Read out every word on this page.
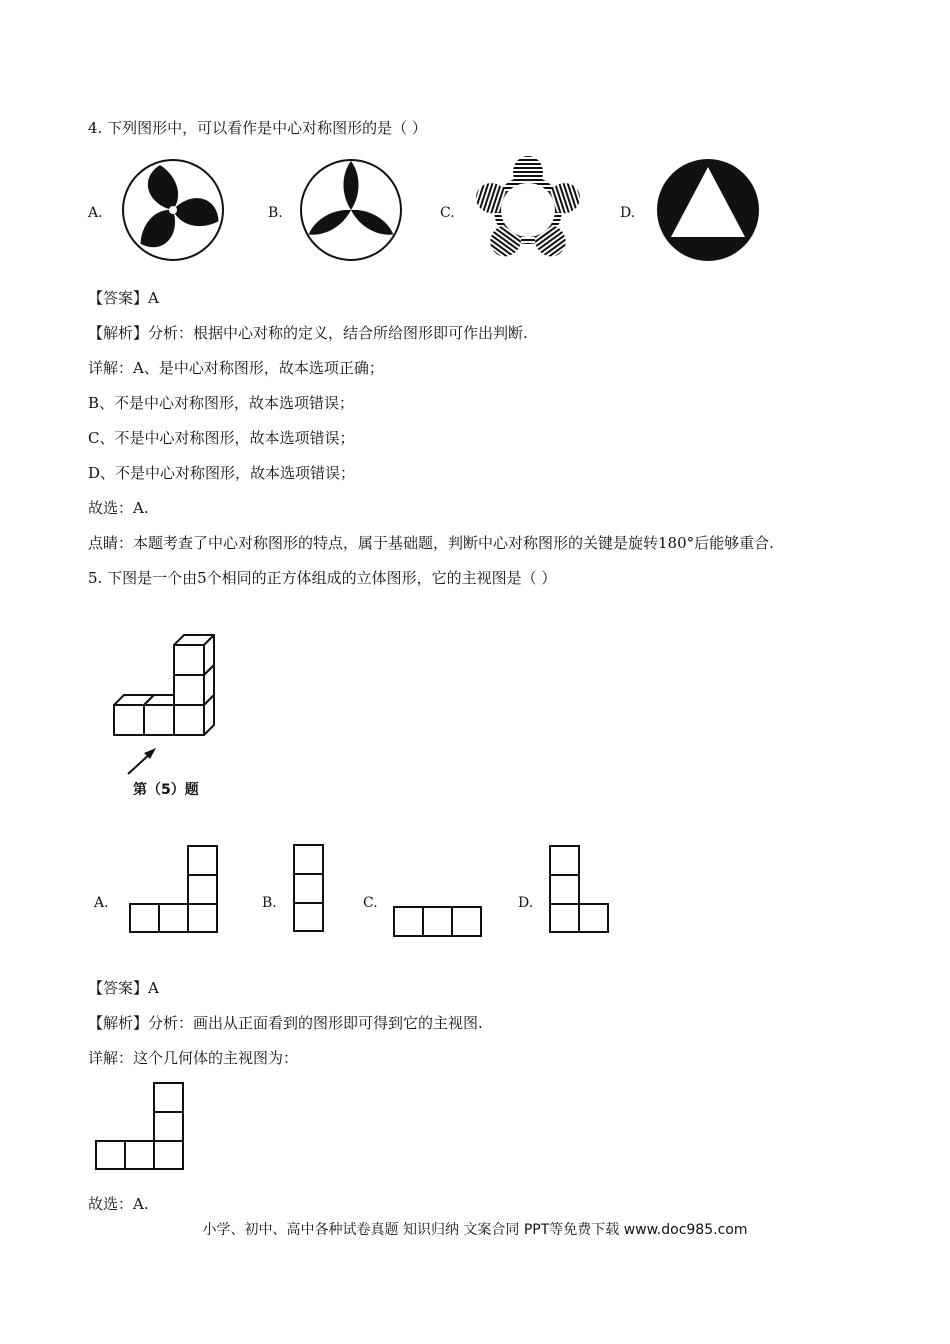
4. 下列图形中，可以看作是中心对称图形的是（ ）
A.	B.	C.	D.
【答案】A
【解析】分析：根据中心对称的定义，结合所给图形即可作出判断.
详解：A、是中心对称图形，故本选项正确；
B、不是中心对称图形，故本选项错误；
C、不是中心对称图形，故本选项错误；
D、不是中心对称图形，故本选项错误；
故选：A.
点睛：本题考查了中心对称图形的特点，属于基础题，判断中心对称图形的关键是旋转180°后能够重合.
5. 下图是一个由5个相同的正方体组成的立体图形，它的主视图是（ ）
第（5）题
A.	B.	C.	D.
【答案】A
【解析】分析：画出从正面看到的图形即可得到它的主视图.
详解：这个几何体的主视图为：
故选：A.
小学、初中、高中各种试卷真题 知识归纳 文案合同 PPT等免费下载 www.doc985.com
